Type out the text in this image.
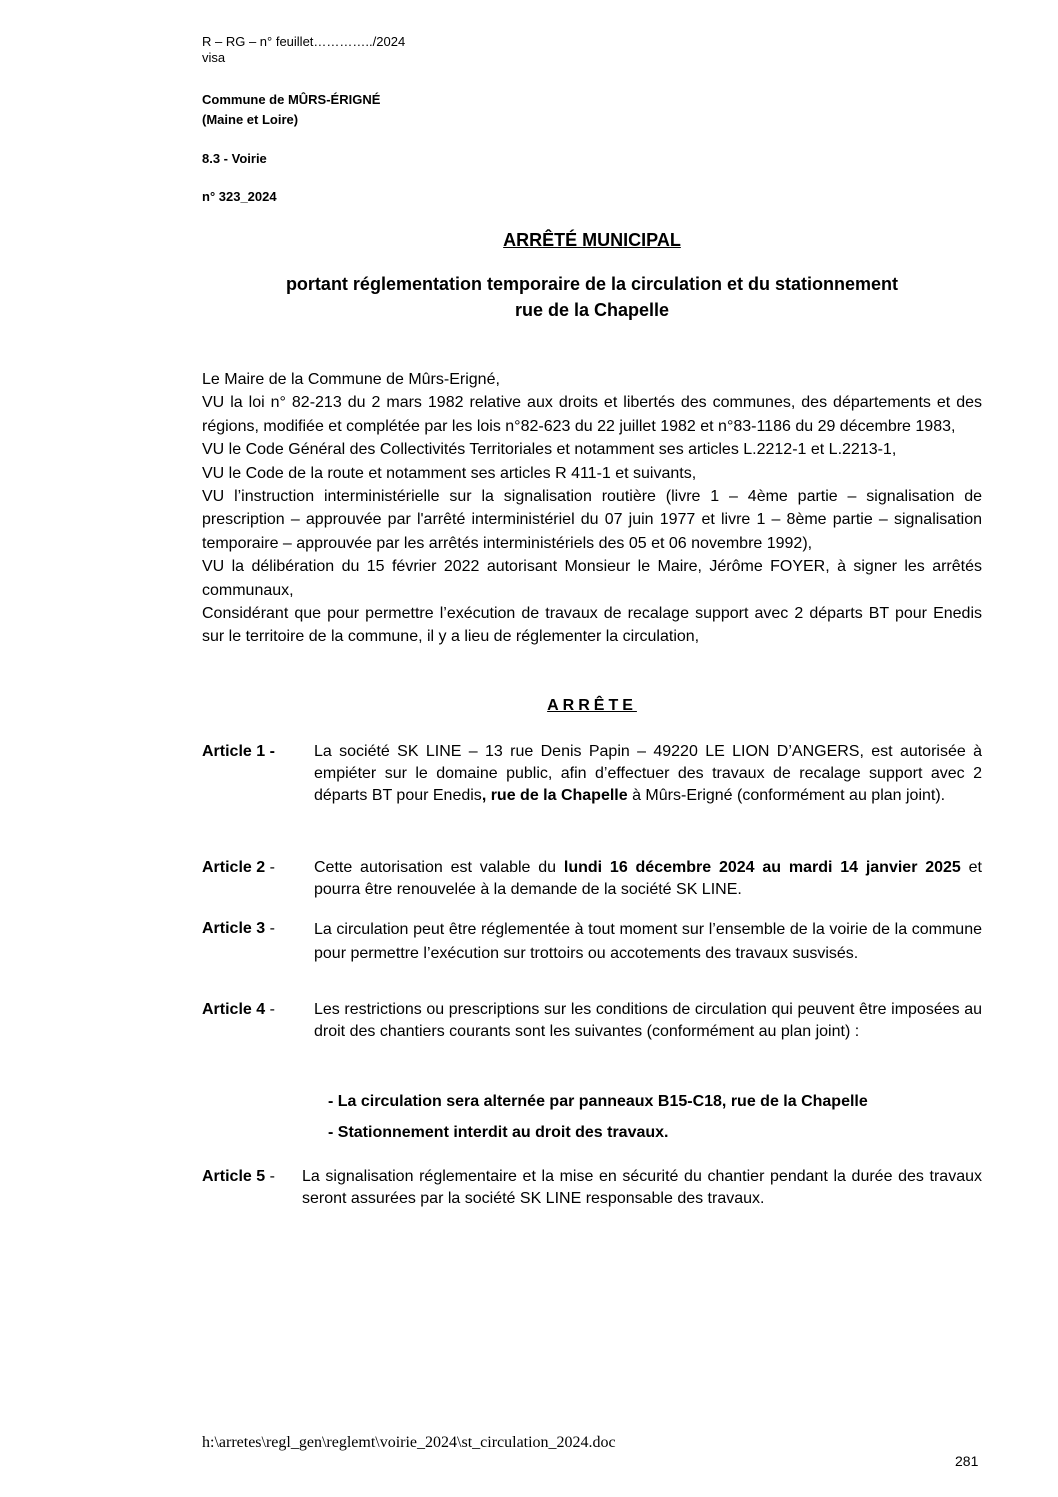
R – RG – n° feuillet…………../2024
visa
Commune de MÛRS-ÉRIGNÉ
(Maine et Loire)
8.3 - Voirie
n° 323_2024
ARRÊTÉ MUNICIPAL
portant réglementation temporaire de la circulation et du stationnement
rue de la Chapelle

Le Maire de la Commune de Mûrs-Erigné,

VU la loi n° 82-213 du 2 mars 1982 relative aux droits et libertés des communes, des départements et des régions, modifiée et complétée par les lois n°82-623 du 22 juillet 1982 et n°83-1186 du 29 décembre 1983,

VU le Code Général des Collectivités Territoriales et notamment ses articles L.2212-1 et L.2213-1,

VU le Code de la route et notamment ses articles R 411-1 et suivants,

VU l’instruction interministérielle sur la signalisation routière (livre 1 – 4ème partie – signalisation de prescription – approuvée par l'arrêté interministériel du 07 juin 1977 et livre 1 – 8ème partie – signalisation temporaire – approuvée par les arrêtés interministériels des 05 et 06 novembre 1992),

VU la délibération du 15 février 2022 autorisant Monsieur le Maire, Jérôme FOYER, à signer les arrêtés communaux,

Considérant que pour permettre l’exécution de travaux de recalage support avec 2 départs BT pour Enedis sur le territoire de la commune, il y a lieu de réglementer la circulation,

ARRÊTE
Article 1 - La société SK LINE – 13 rue Denis Papin – 49220 LE LION D’ANGERS, est autorisée à empiéter sur le domaine public, afin d’effectuer des travaux de recalage support avec 2 départs BT pour Enedis, rue de la Chapelle à Mûrs-Erigné (conformément au plan joint).
Article 2 - Cette autorisation est valable du lundi 16 décembre 2024 au mardi 14 janvier 2025 et pourra être renouvelée à la demande de la société SK LINE.
Article 3 - La circulation peut être réglementée à tout moment sur l’ensemble de la voirie de la commune pour permettre l’exécution sur trottoirs ou accotements des travaux susvisés.
Article 4 - Les restrictions ou prescriptions sur les conditions de circulation qui peuvent être imposées au droit des chantiers courants sont les suivantes (conformément au plan joint) :
- La circulation sera alternée par panneaux B15-C18, rue de la Chapelle
- Stationnement interdit au droit des travaux.
Article 5 - La signalisation réglementaire et la mise en sécurité du chantier pendant la durée des travaux seront assurées par la société SK LINE responsable des travaux.
h:\arretes\regl_gen\reglemt\voirie_2024\st_circulation_2024.doc
281
